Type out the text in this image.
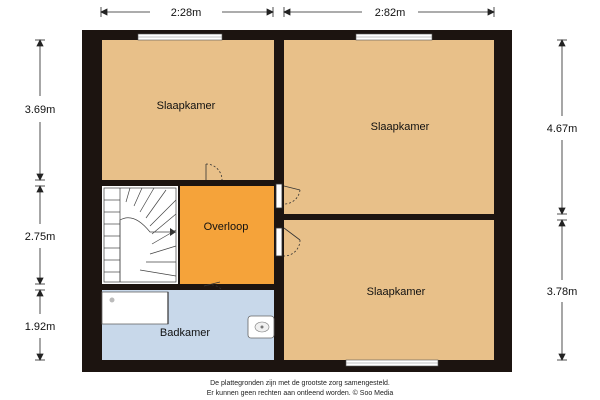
Slaapkamer
Slaapkamer
Slaapkamer
Overloop
Badkamer
2:28m	2:82m
3.69m
2.75m
1.92m
4.67m
3.78m
De plattegronden zijn met de grootste zorg samengesteld.
Er kunnen geen rechten aan ontleend worden. © Soo Media
